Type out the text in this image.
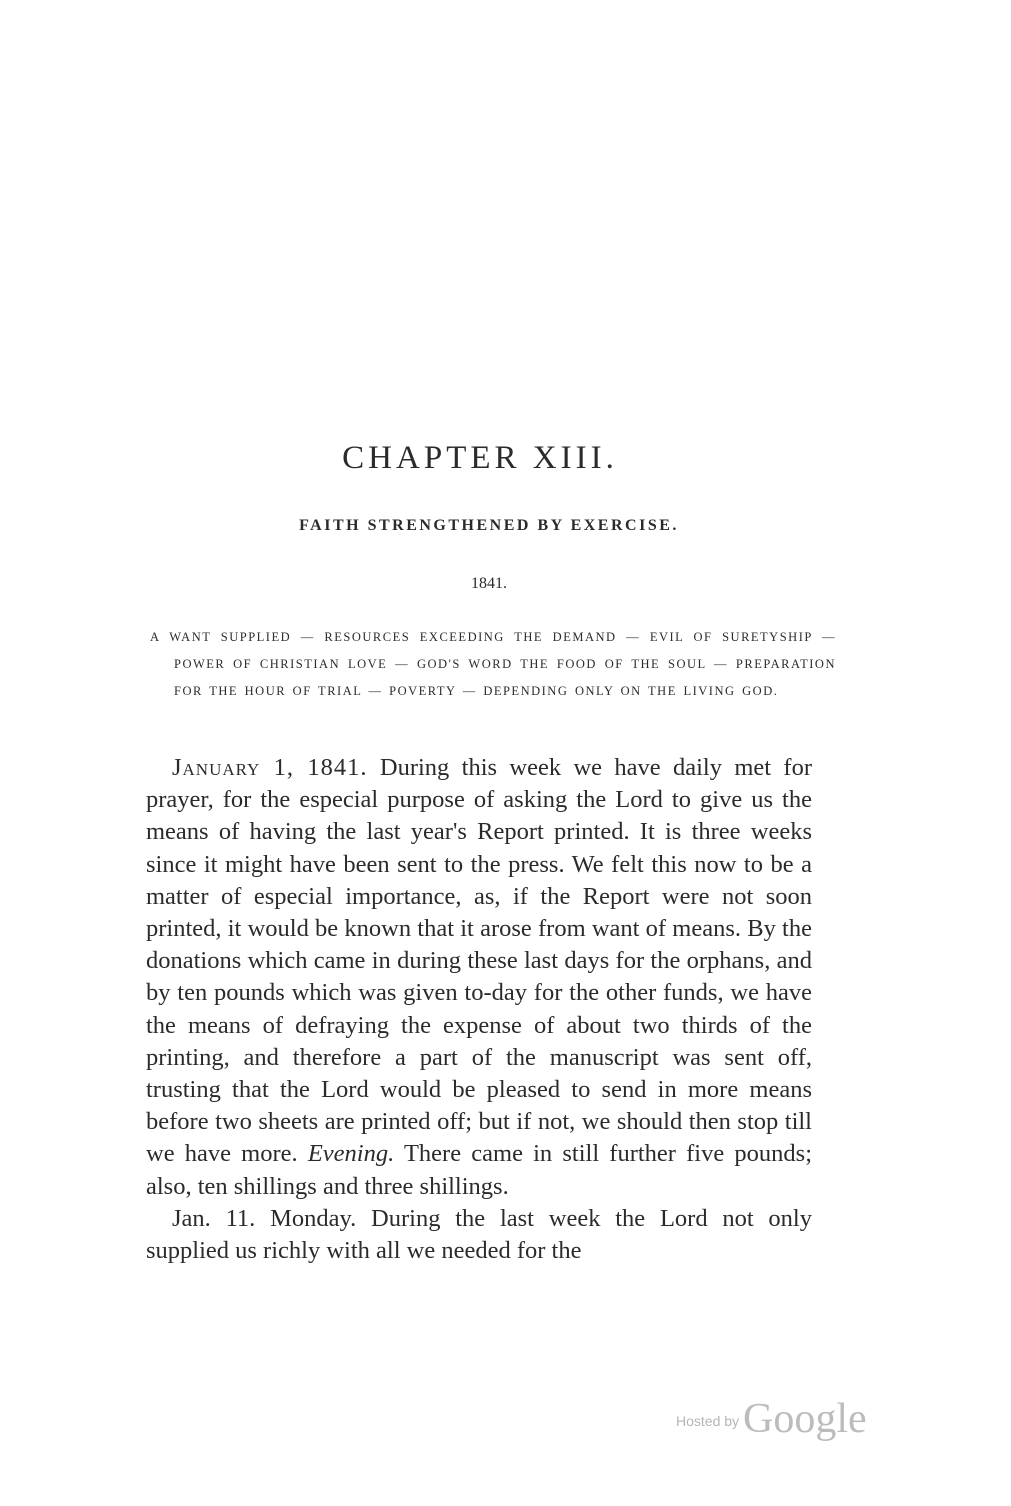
CHAPTER XIII.
FAITH STRENGTHENED BY EXERCISE.
1841.

A WANT SUPPLIED — RESOURCES EXCEEDING THE DEMAND — EVIL OF SURETYSHIP — POWER OF CHRISTIAN LOVE — GOD'S WORD THE FOOD OF THE SOUL — PREPARATION FOR THE HOUR OF TRIAL — POVERTY — DEPENDING ONLY ON THE LIVING GOD.

January 1, 1841. During this week we have daily met for prayer, for the especial purpose of asking the Lord to give us the means of having the last year's Report printed. It is three weeks since it might have been sent to the press. We felt this now to be a matter of especial importance, as, if the Report were not soon printed, it would be known that it arose from want of means. By the donations which came in during these last days for the orphans, and by ten pounds which was given to-day for the other funds, we have the means of defraying the expense of about two thirds of the printing, and therefore a part of the manuscript was sent off, trusting that the Lord would be pleased to send in more means before two sheets are printed off; but if not, we should then stop till we have more. Evening. There came in still further five pounds; also, ten shillings and three shillings.

Jan. 11. Monday. During the last week the Lord not only supplied us richly with all we needed for the

Hosted by Google
